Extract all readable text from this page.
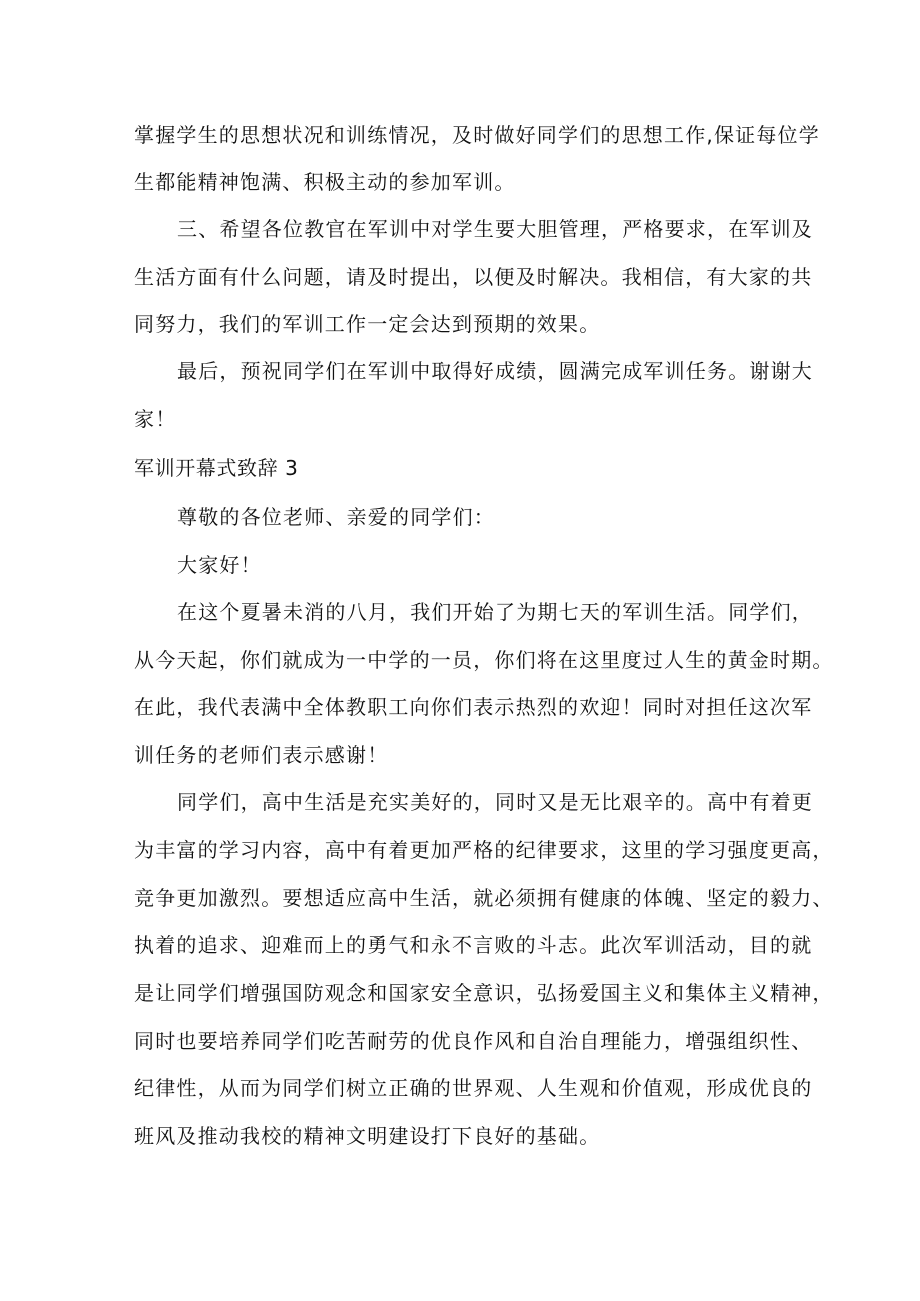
掌握学生的思想状况和训练情况，及时做好同学们的思想工作,保证每位学
生都能精神饱满、积极主动的参加军训。
三、希望各位教官在军训中对学生要大胆管理，严格要求，在军训及
生活方面有什么问题，请及时提出，以便及时解决。我相信，有大家的共
同努力，我们的军训工作一定会达到预期的效果。
最后，预祝同学们在军训中取得好成绩，圆满完成军训任务。谢谢大
家！
军训开幕式致辞 3
尊敬的各位老师、亲爱的同学们：
大家好！
在这个夏暑未消的八月，我们开始了为期七天的军训生活。同学们，
从今天起，你们就成为一中学的一员，你们将在这里度过人生的黄金时期。
在此，我代表满中全体教职工向你们表示热烈的欢迎！同时对担任这次军
训任务的老师们表示感谢！
同学们，高中生活是充实美好的，同时又是无比艰辛的。高中有着更
为丰富的学习内容，高中有着更加严格的纪律要求，这里的学习强度更高，
竞争更加激烈。要想适应高中生活，就必须拥有健康的体魄、坚定的毅力、
执着的追求、迎难而上的勇气和永不言败的斗志。此次军训活动，目的就
是让同学们增强国防观念和国家安全意识，弘扬爱国主义和集体主义精神，
同时也要培养同学们吃苦耐劳的优良作风和自治自理能力，增强组织性、
纪律性，从而为同学们树立正确的世界观、人生观和价值观，形成优良的
班风及推动我校的精神文明建设打下良好的基础。
